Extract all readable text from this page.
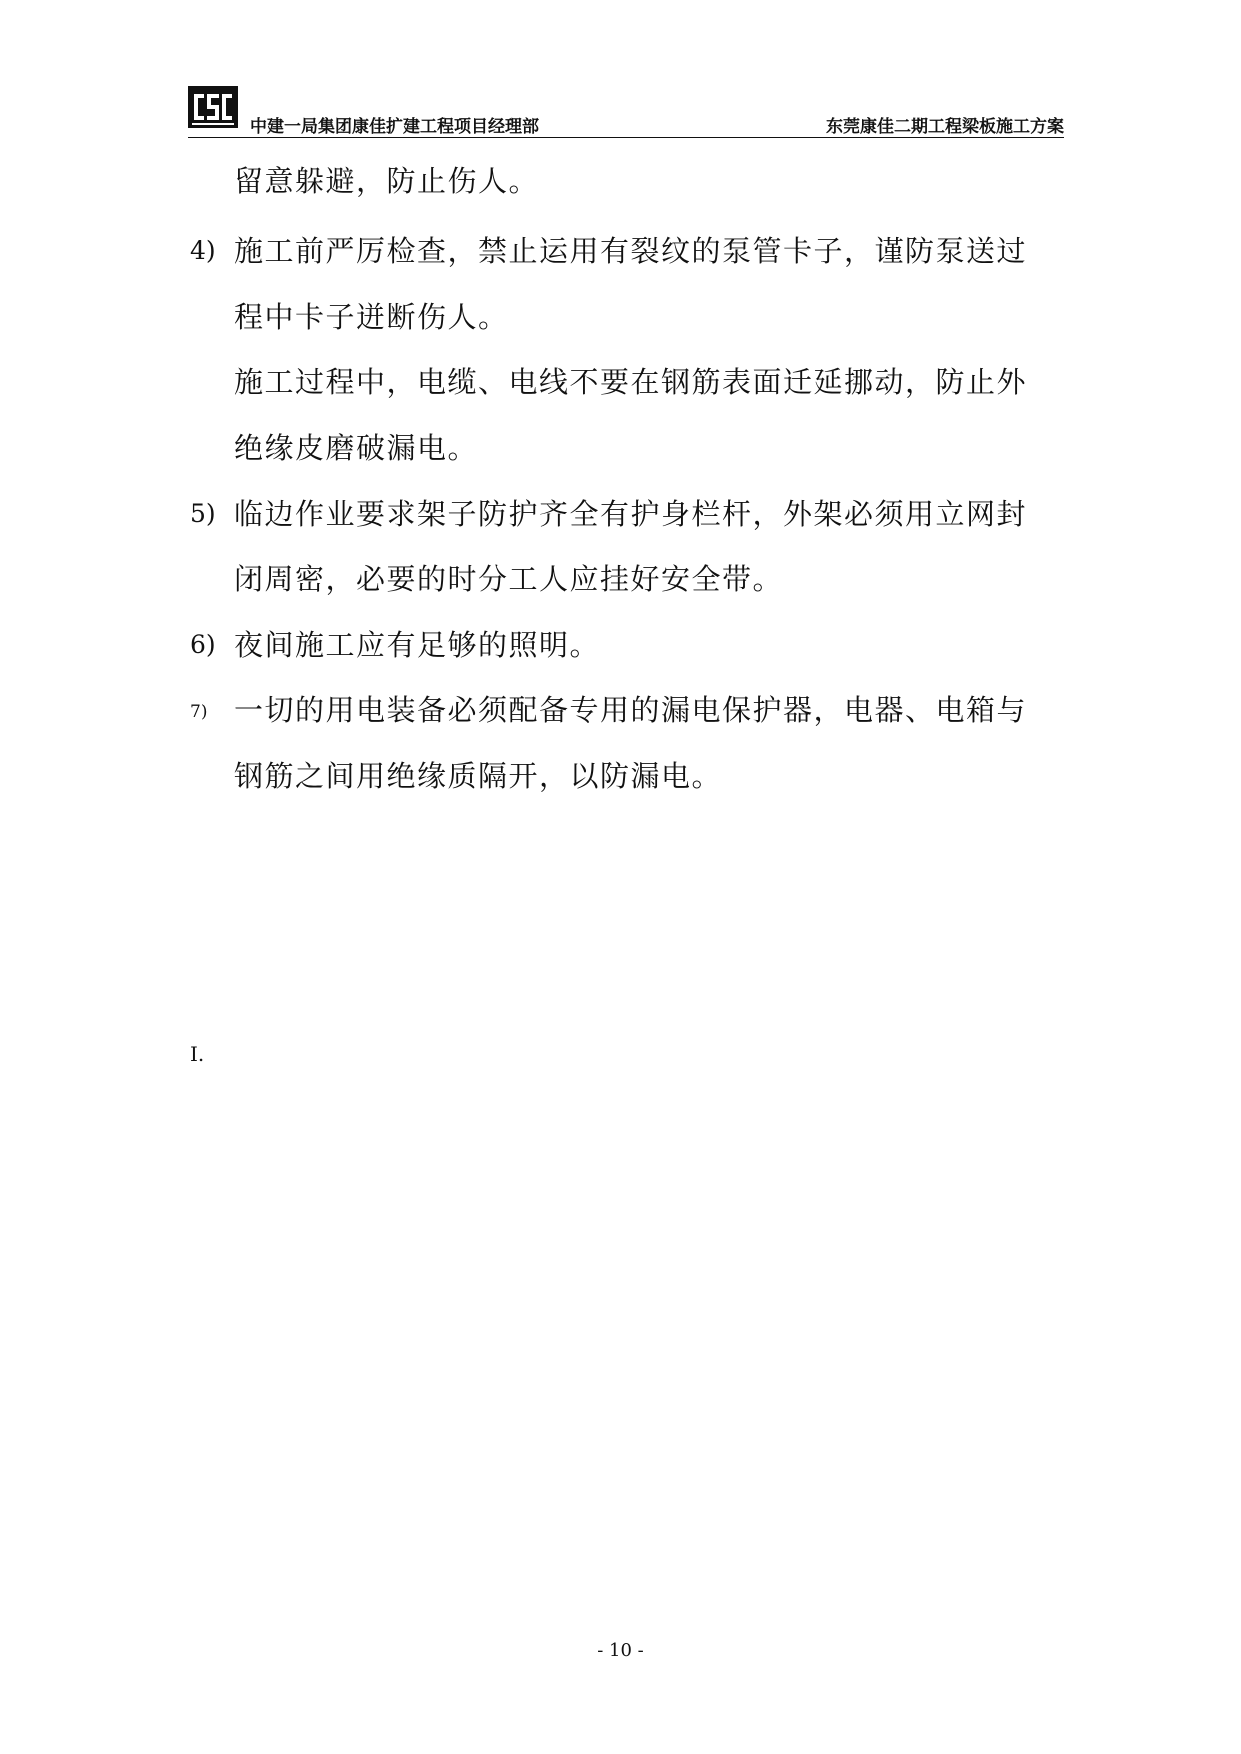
中建一局集团康佳扩建工程项目经理部	东莞康佳二期工程梁板施工方案
留意躲避，防止伤人。
4) 施工前严厉检查，禁止运用有裂纹的泵管卡子，谨防泵送过
程中卡子迸断伤人。
施工过程中，电缆、电线不要在钢筋表面迁延挪动，防止外
绝缘皮磨破漏电。
5) 临边作业要求架子防护齐全有护身栏杆，外架必须用立网封
闭周密，必要的时分工人应挂好安全带。
6) 夜间施工应有足够的照明。
7) 一切的用电装备必须配备专用的漏电保护器，电器、电箱与
钢筋之间用绝缘质隔开，以防漏电。
I.
- 10 -
